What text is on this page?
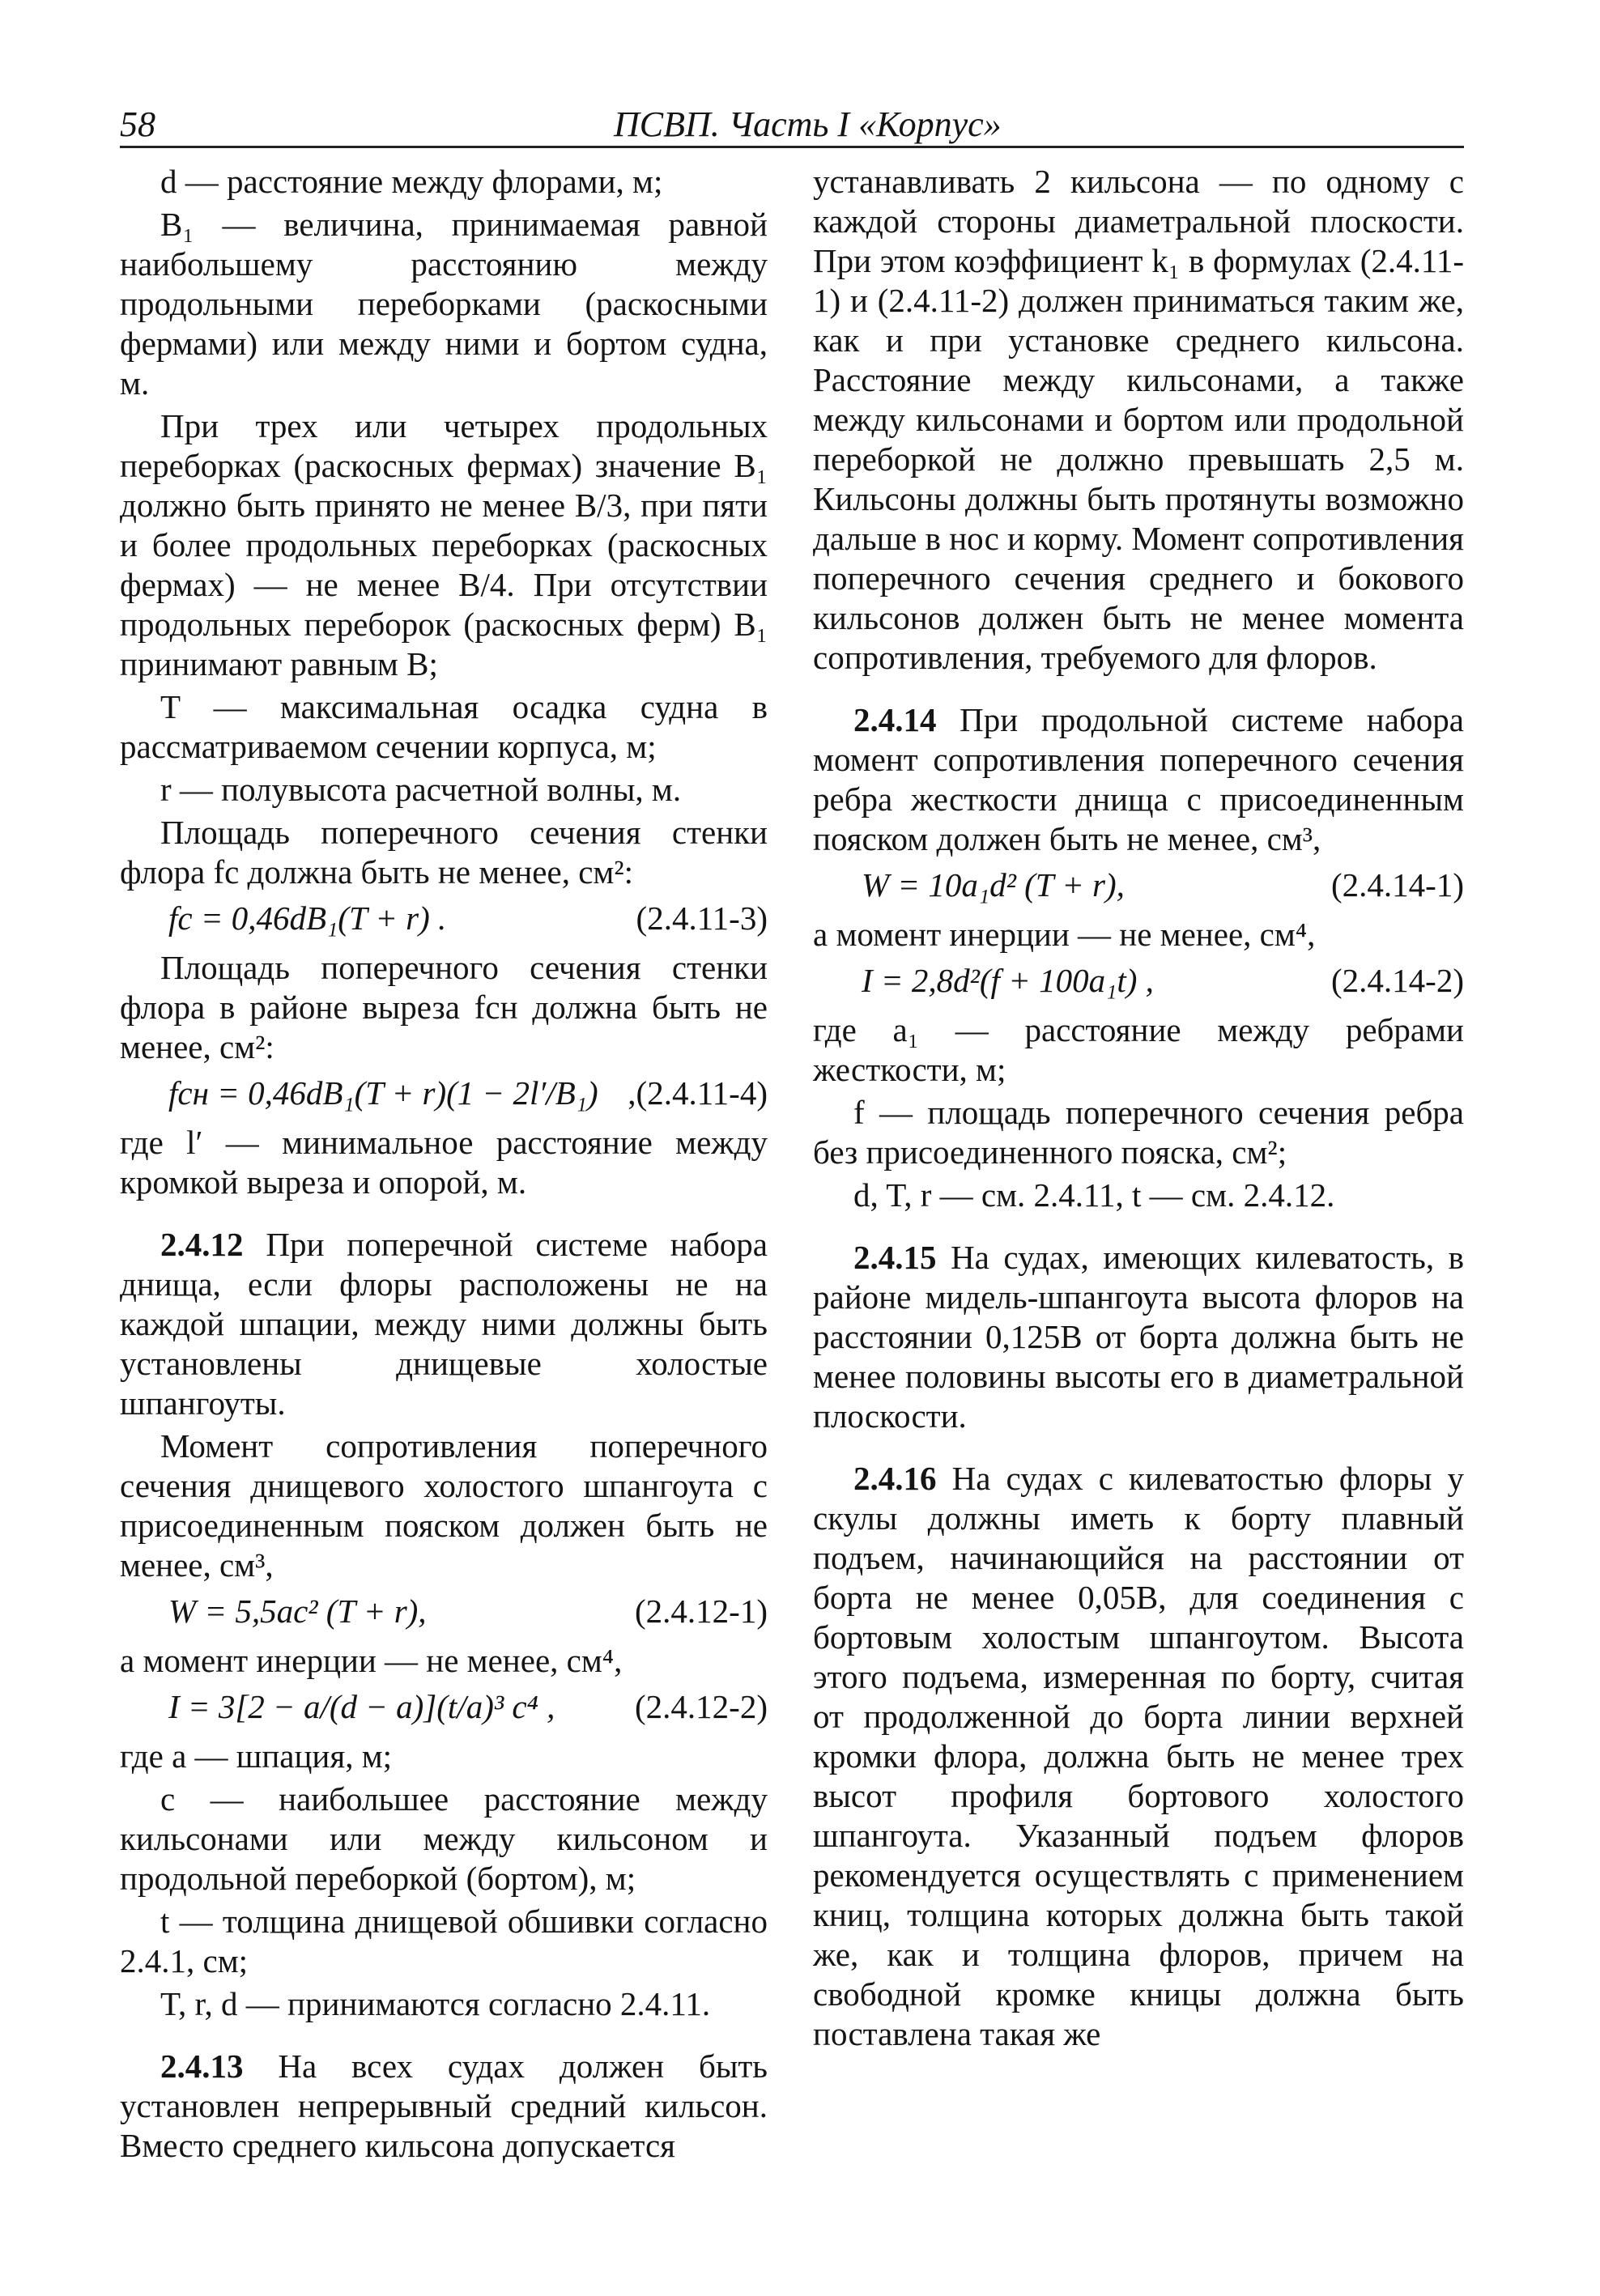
58	ПСВП. Часть I «Корпус»

d — расстояние между флорами, м;

B₁ — величина, принимаемая равной наибольшему расстоянию между продольными переборками (раскосными фермами) или между ними и бортом судна, м.

При трех или четырех продольных переборках (раскосных фермах) значение B₁ должно быть принято не менее B/3, при пяти и более продольных переборках (раскосных фермах) — не менее B/4. При отсутствии продольных переборок (раскосных ферм) B₁ принимают равным B;

T — максимальная осадка судна в рассматриваемом сечении корпуса, м;

r — полувысота расчетной волны, м.

Площадь поперечного сечения стенки флора fc должна быть не менее, см²:

fc = 0,46dB₁(T + r) .	(2.4.11-3)

Площадь поперечного сечения стенки флора в районе выреза fсн должна быть не менее, см²:

fсн = 0,46dB₁(T + r)(1 − 2l′/B₁) ,(2.4.11-4)

где l′ — минимальное расстояние между кромкой выреза и опорой, м.

2.4.12 При поперечной системе набора днища, если флоры расположены не на каждой шпации, между ними должны быть установлены днищевые холостые шпангоуты.

Момент сопротивления поперечного сечения днищевого холостого шпангоута с присоединенным пояском должен быть не менее, см³,

W = 5,5ac² (T + r),	(2.4.12-1)

а момент инерции — не менее, см⁴,

I = 3[2 − a/(d − a)](t/a)³ c⁴ , (2.4.12-2)

где a — шпация, м;

c — наибольшее расстояние между кильсонами или между кильсоном и продольной переборкой (бортом), м;

t — толщина днищевой обшивки согласно 2.4.1, см;

T, r, d — принимаются согласно 2.4.11.

2.4.13 На всех судах должен быть установлен непрерывный средний кильсон. Вместо среднего кильсона допускается

устанавливать 2 кильсона — по одному с каждой стороны диаметральной плоскости. При этом коэффициент k₁ в формулах (2.4.11-1) и (2.4.11-2) должен приниматься таким же, как и при установке среднего кильсона. Расстояние между кильсонами, а также между кильсонами и бортом или продольной переборкой не должно превышать 2,5 м. Кильсоны должны быть протянуты возможно дальше в нос и корму. Момент сопротивления поперечного сечения среднего и бокового кильсонов должен быть не менее момента сопротивления, требуемого для флоров.

2.4.14 При продольной системе набора момент сопротивления поперечного сечения ребра жесткости днища с присоединенным пояском должен быть не менее, см³,

W = 10a₁d² (T + r),	(2.4.14-1)

а момент инерции — не менее, см⁴,

I = 2,8d²(f + 100a₁t) ,	(2.4.14-2)

где a₁ — расстояние между ребрами жесткости, м;

f — площадь поперечного сечения ребра без присоединенного пояска, см²;

d, T, r — см. 2.4.11, t — см. 2.4.12.

2.4.15 На судах, имеющих килеватость, в районе мидель-шпангоута высота флоров на расстоянии 0,125B от борта должна быть не менее половины высоты его в диаметральной плоскости.

2.4.16 На судах с килеватостью флоры у скулы должны иметь к борту плавный подъем, начинающийся на расстоянии от борта не менее 0,05B, для соединения с бортовым холостым шпангоутом. Высота этого подъема, измеренная по борту, считая от продолженной до борта линии верхней кромки флора, должна быть не менее трех высот профиля бортового холостого шпангоута. Указанный подъем флоров рекомендуется осуществлять с применением книц, толщина которых должна быть такой же, как и толщина флоров, причем на свободной кромке кницы должна быть поставлена такая же
